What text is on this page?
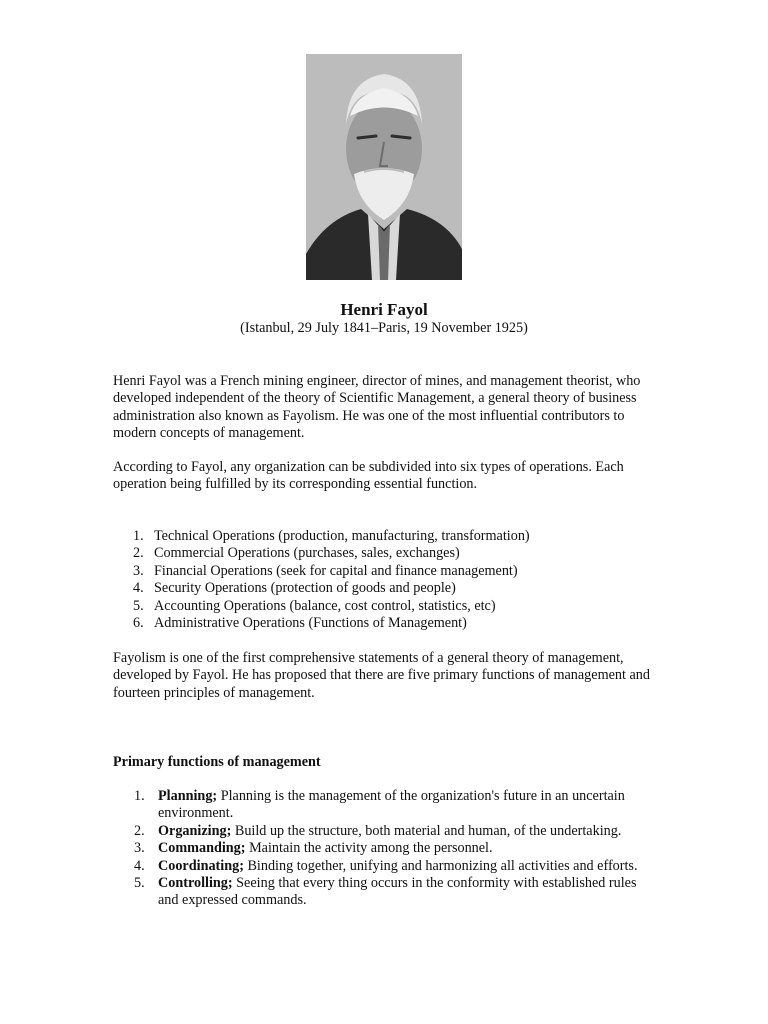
Henri Fayol
(Istanbul, 29 July 1841–Paris, 19 November 1925)

Henri Fayol was a French mining engineer, director of mines, and management theorist, who developed independent of the theory of Scientific Management, a general theory of business administration also known as Fayolism. He was one of the most influential contributors to modern concepts of management.

According to Fayol, any organization can be subdivided into six types of operations. Each operation being fulfilled by its corresponding essential function.

1. Technical Operations (production, manufacturing, transformation)
2. Commercial Operations (purchases, sales, exchanges)
3. Financial Operations (seek for capital and finance management)
4. Security Operations (protection of goods and people)
5. Accounting Operations (balance, cost control, statistics, etc)
6. Administrative Operations (Functions of Management)

Fayolism is one of the first comprehensive statements of a general theory of management, developed by Fayol. He has proposed that there are five primary functions of management and fourteen principles of management.

Primary functions of management

1. Planning; Planning is the management of the organization's future in an uncertain environment.
2. Organizing; Build up the structure, both material and human, of the undertaking.
3. Commanding; Maintain the activity among the personnel.
4. Coordinating; Binding together, unifying and harmonizing all activities and efforts.
5. Controlling; Seeing that every thing occurs in the conformity with established rules and expressed commands.
